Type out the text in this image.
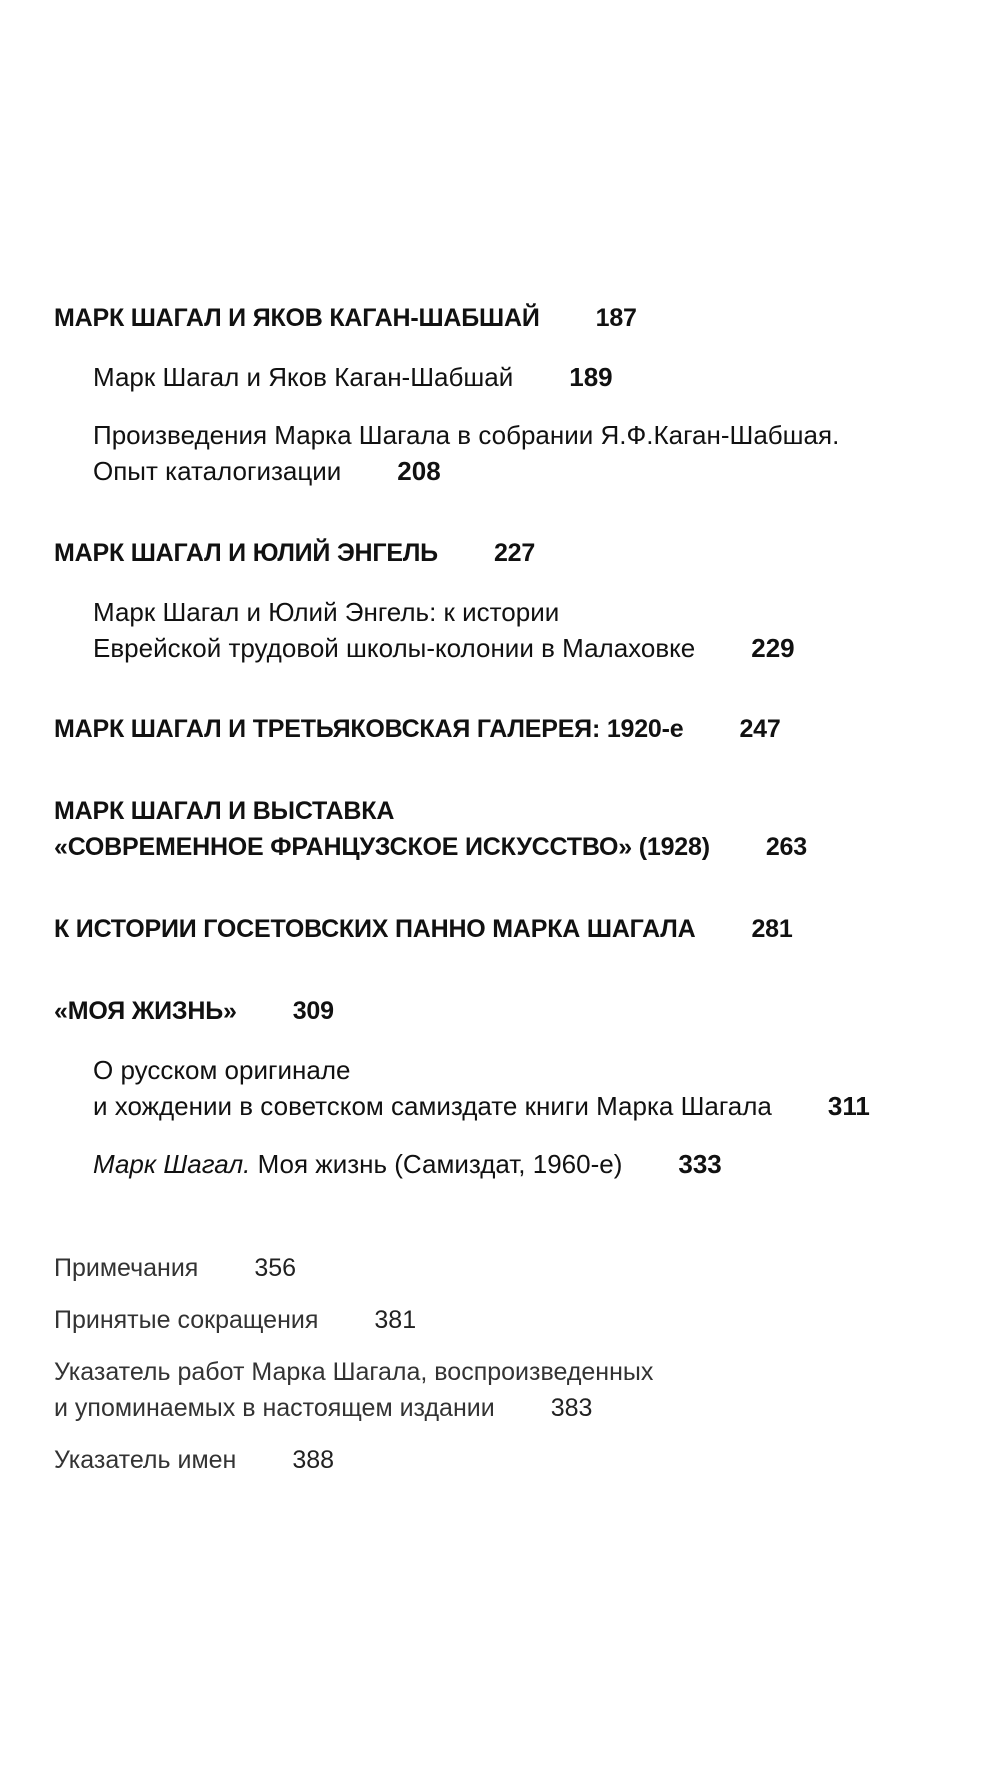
МАРК ШАГАЛ И ЯКОВ КАГАН-ШАБШАЙ 187
Марк Шагал и Яков Каган-Шабшай 189
Произведения Марка Шагала в собрании Я.Ф.Каган-Шабшая.
Опыт каталогизации 208
МАРК ШАГАЛ И ЮЛИЙ ЭНГЕЛЬ 227
Марк Шагал и Юлий Энгель: к истории
Еврейской трудовой школы-колонии в Малаховке 229
МАРК ШАГАЛ И ТРЕТЬЯКОВСКАЯ ГАЛЕРЕЯ: 1920-е 247
МАРК ШАГАЛ И ВЫСТАВКА
«СОВРЕМЕННОЕ ФРАНЦУЗСКОЕ ИСКУССТВО» (1928) 263
К ИСТОРИИ ГОСЕТОВСКИХ ПАННО МАРКА ШАГАЛА 281
«МОЯ ЖИЗНЬ» 309
О русском оригинале
и хождении в советском самиздате книги Марка Шагала 311
Марк Шагал. Моя жизнь (Самиздат, 1960-е) 333
Примечания 356
Принятые сокращения 381
Указатель работ Марка Шагала, воспроизведенных
и упоминаемых в настоящем издании 383
Указатель имен 388
